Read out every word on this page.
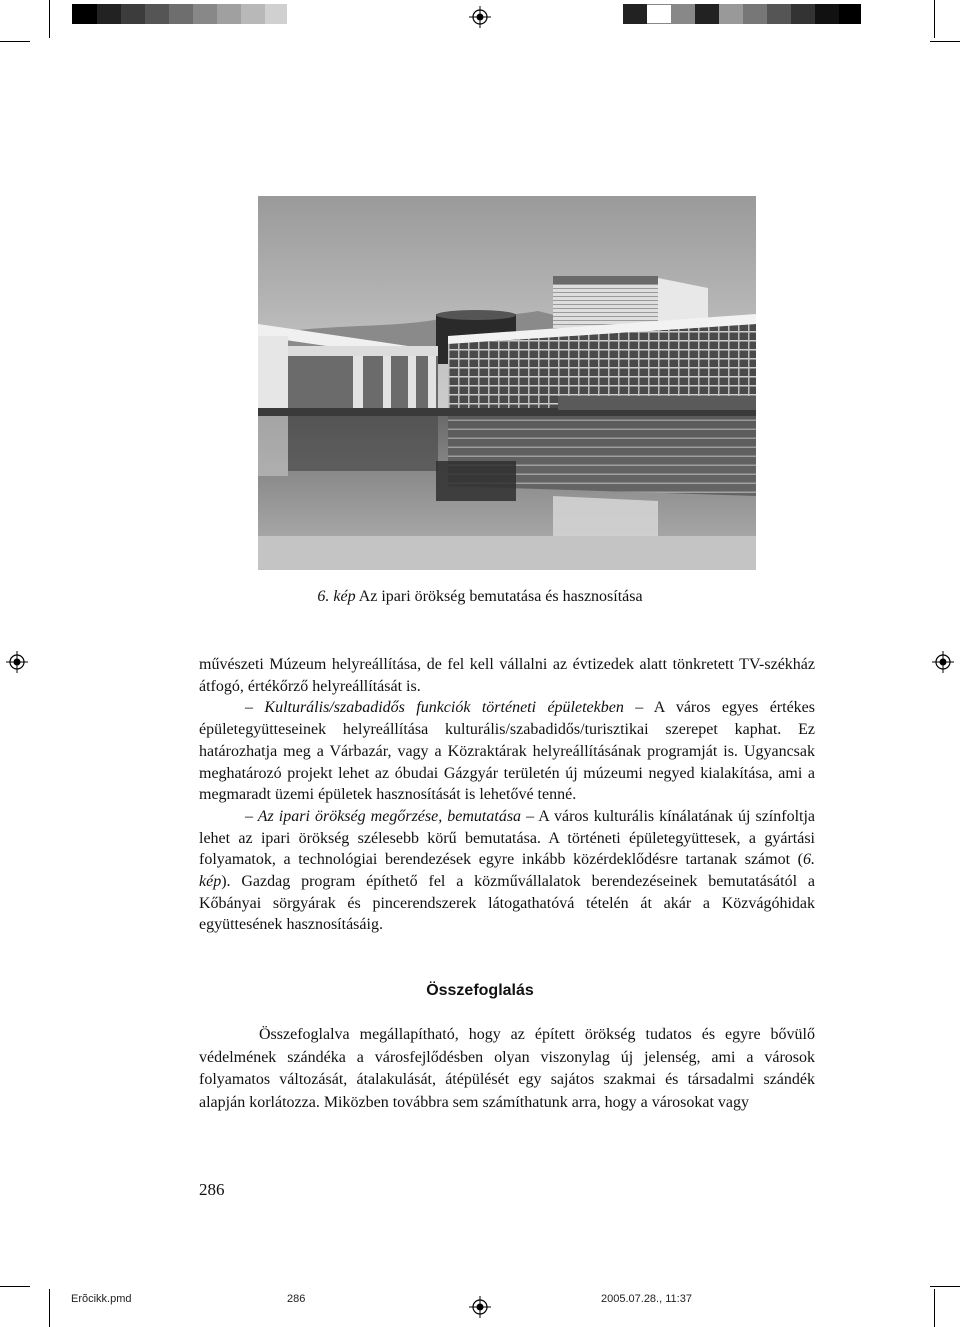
6. kép Az ipari örökség bemutatása és hasznosítása

művészeti Múzeum helyreállítása, de fel kell vállalni az évtizedek alatt tönkretett TV-székház átfogó, értékőrző helyreállítását is.

– Kulturális/szabadidős funkciók történeti épületekben – A város egyes értékes épületegyütteseinek helyreállítása kulturális/szabadidős/turisztikai szerepet kaphat. Ez határozhatja meg a Várbazár, vagy a Közraktárak helyreállításának programját is. Ugyancsak meghatározó projekt lehet az óbudai Gázgyár területén új múzeumi negyed kialakítása, ami a megmaradt üzemi épületek hasznosítását is lehetővé tenné.

– Az ipari örökség megőrzése, bemutatása – A város kulturális kínálatának új színfoltja lehet az ipari örökség szélesebb körű bemutatása. A történeti épületegyüttesek, a gyártási folyamatok, a technológiai berendezések egyre inkább közérdeklődésre tartanak számot (6. kép). Gazdag program építhető fel a közművállalatok berendezéseinek bemutatásától a Kőbányai sörgyárak és pincerendszerek látogathatóvá tételén át akár a Közvágóhidak együttesének hasznosításáig.

Összefoglalás

Összefoglalva megállapítható, hogy az épített örökség tudatos és egyre bővülő védelmének szándéka a városfejlődésben olyan viszonylag új jelenség, ami a városok folyamatos változását, átalakulását, átépülését egy sajátos szakmai és társadalmi szándék alapján korlátozza. Miközben továbbra sem számíthatunk arra, hogy a városokat vagy

286
Erõcikk.pmd	286	2005.07.28., 11:37
